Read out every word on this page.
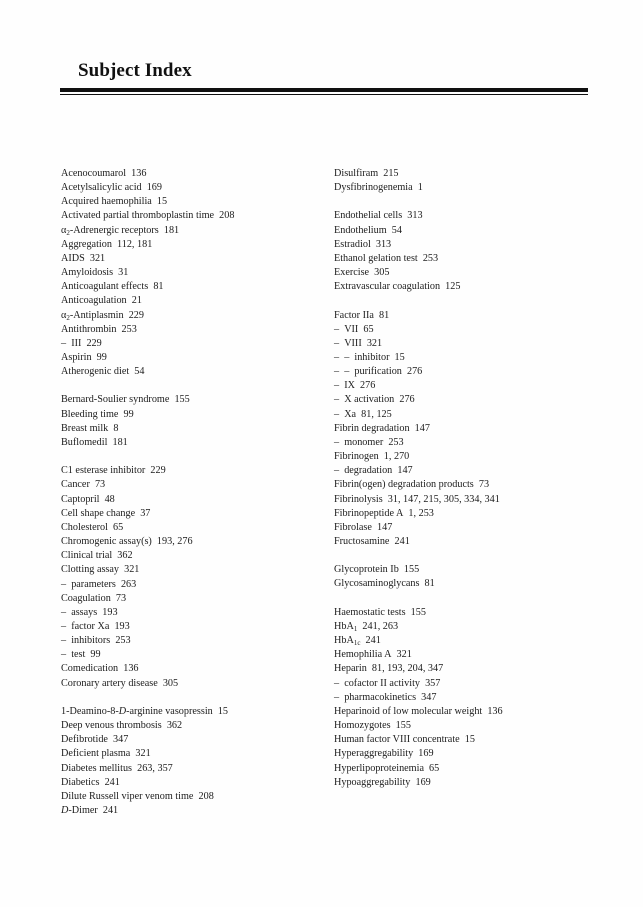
Subject Index
Acenocoumarol  136
Acetylsalicylic acid  169
Acquired haemophilia  15
Activated partial thromboplastin time  208
α2-Adrenergic receptors  181
Aggregation  112, 181
AIDS  321
Amyloidosis  31
Anticoagulant effects  81
Anticoagulation  21
α2-Antiplasmin  229
Antithrombin  253
–  III  229
Aspirin  99
Atherogenic diet  54
Bernard-Soulier syndrome  155
Bleeding time  99
Breast milk  8
Buflomedil  181
C1 esterase inhibitor  229
Cancer  73
Captopril  48
Cell shape change  37
Cholesterol  65
Chromogenic assay(s)  193, 276
Clinical trial  362
Clotting assay  321
–  parameters  263
Coagulation  73
–  assays  193
–  factor Xa  193
–  inhibitors  253
–  test  99
Comedication  136
Coronary artery disease  305
1-Deamino-8-D-arginine vasopressin  15
Deep venous thrombosis  362
Defibrotide  347
Deficient plasma  321
Diabetes mellitus  263, 357
Diabetics  241
Dilute Russell viper venom time  208
D-Dimer  241
Disulfiram  215
Dysfibrinogenemia  1
Endothelial cells  313
Endothelium  54
Estradiol  313
Ethanol gelation test  253
Exercise  305
Extravascular coagulation  125
Factor IIa  81
–  VII  65
–  VIII  321
–  –  inhibitor  15
–  –  purification  276
–  IX  276
–  X activation  276
–  Xa  81, 125
Fibrin degradation  147
–  monomer  253
Fibrinogen  1, 270
–  degradation  147
Fibrin(ogen) degradation products  73
Fibrinolysis  31, 147, 215, 305, 334, 341
Fibrinopeptide A  1, 253
Fibrolase  147
Fructosamine  241
Glycoprotein Ib  155
Glycosaminoglycans  81
Haemostatic tests  155
HbA1  241, 263
HbA1c  241
Hemophilia A  321
Heparin  81, 193, 204, 347
–  cofactor II activity  357
–  pharmacokinetics  347
Heparinoid of low molecular weight  136
Homozygotes  155
Human factor VIII concentrate  15
Hyperaggregability  169
Hyperlipoproteinemia  65
Hypoaggregability  169
